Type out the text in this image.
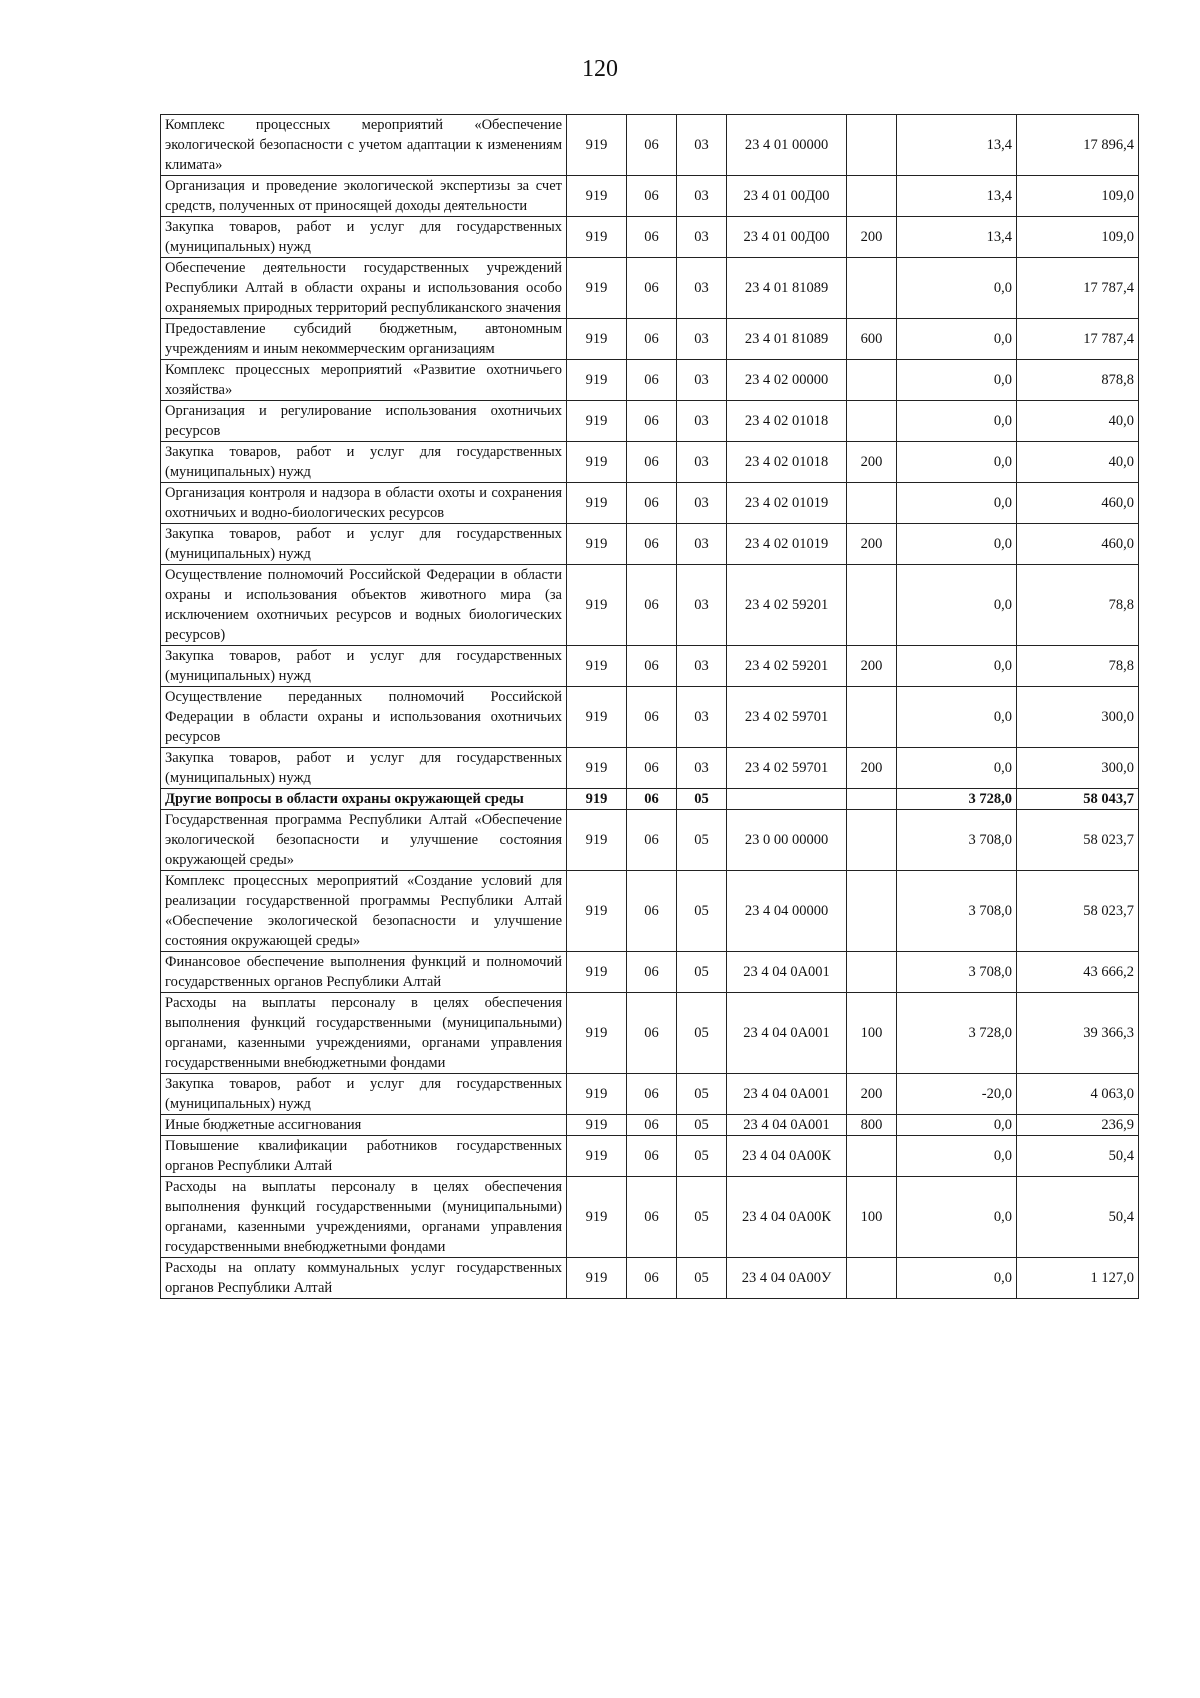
120
Комплекс процессных мероприятий «Обеспечение экологической безопасности с учетом адаптации к изменениям климата»	919	06	03	23 4 01 00000		13,4	17 896,4
Организация и проведение экологической экспертизы за счет средств, полученных от приносящей доходы деятельности	919	06	03	23 4 01 00Д00		13,4	109,0
Закупка товаров, работ и услуг для государственных (муниципальных) нужд	919	06	03	23 4 01 00Д00	200	13,4	109,0
Обеспечение деятельности государственных учреждений Республики Алтай в области охраны и использования особо охраняемых природных территорий республиканского значения	919	06	03	23 4 01 81089		0,0	17 787,4
Предоставление субсидий бюджетным, автономным учреждениям и иным некоммерческим организациям	919	06	03	23 4 01 81089	600	0,0	17 787,4
Комплекс процессных мероприятий «Развитие охотничьего хозяйства»	919	06	03	23 4 02 00000		0,0	878,8
Организация и регулирование использования охотничьих ресурсов	919	06	03	23 4 02 01018		0,0	40,0
Закупка товаров, работ и услуг для государственных (муниципальных) нужд	919	06	03	23 4 02 01018	200	0,0	40,0
Организация контроля и надзора в области охоты и сохранения охотничьих и водно-биологических ресурсов	919	06	03	23 4 02 01019		0,0	460,0
Закупка товаров, работ и услуг для государственных (муниципальных) нужд	919	06	03	23 4 02 01019	200	0,0	460,0
Осуществление полномочий Российской Федерации в области охраны и использования объектов животного мира (за исключением охотничьих ресурсов и водных биологических ресурсов)	919	06	03	23 4 02 59201		0,0	78,8
Закупка товаров, работ и услуг для государственных (муниципальных) нужд	919	06	03	23 4 02 59201	200	0,0	78,8
Осуществление переданных полномочий Российской Федерации в области охраны и использования охотничьих ресурсов	919	06	03	23 4 02 59701		0,0	300,0
Закупка товаров, работ и услуг для государственных (муниципальных) нужд	919	06	03	23 4 02 59701	200	0,0	300,0
Другие вопросы в области охраны окружающей среды	919	06	05			3 728,0	58 043,7
Государственная программа Республики Алтай «Обеспечение экологической безопасности и улучшение состояния окружающей среды»	919	06	05	23 0 00 00000		3 708,0	58 023,7
Комплекс процессных мероприятий «Создание условий для реализации государственной программы Республики Алтай «Обеспечение экологической безопасности и улучшение состояния окружающей среды»	919	06	05	23 4 04 00000		3 708,0	58 023,7
Финансовое обеспечение выполнения функций и полномочий государственных органов Республики Алтай	919	06	05	23 4 04 0А001		3 708,0	43 666,2
Расходы на выплаты персоналу в целях обеспечения выполнения функций государственными (муниципальными) органами, казенными учреждениями, органами управления государственными внебюджетными фондами	919	06	05	23 4 04 0А001	100	3 728,0	39 366,3
Закупка товаров, работ и услуг для государственных (муниципальных) нужд	919	06	05	23 4 04 0А001	200	-20,0	4 063,0
Иные бюджетные ассигнования	919	06	05	23 4 04 0А001	800	0,0	236,9
Повышение квалификации работников государственных органов Республики Алтай	919	06	05	23 4 04 0А00К		0,0	50,4
Расходы на выплаты персоналу в целях обеспечения выполнения функций государственными (муниципальными) органами, казенными учреждениями, органами управления государственными внебюджетными фондами	919	06	05	23 4 04 0А00К	100	0,0	50,4
Расходы на оплату коммунальных услуг государственных органов Республики Алтай	919	06	05	23 4 04 0А00У		0,0	1 127,0
